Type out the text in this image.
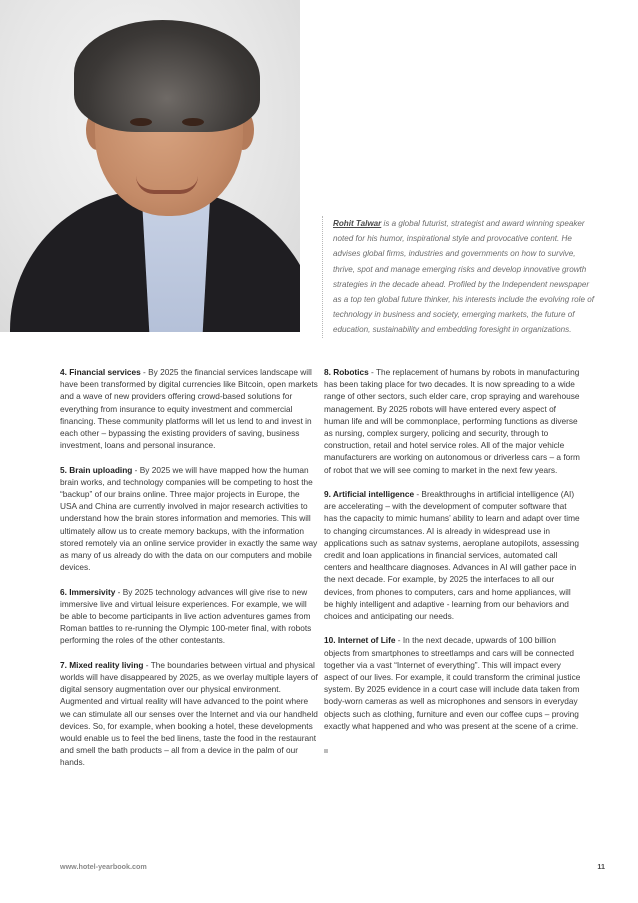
Rohit Talwar is a global futurist, strategist and award winning speaker noted for his humor, inspirational style and provocative content. He advises global firms, industries and governments on how to survive, thrive, spot and manage emerging risks and develop innovative growth strategies in the decade ahead. Profiled by the Independent newspaper as a top ten global future thinker, his interests include the evolving role of technology in business and society, emerging markets, the future of education, sustainability and embedding foresight in organizations.

4. Financial services - By 2025 the financial services landscape will have been transformed by digital currencies like Bitcoin, open markets and a wave of new providers offering crowd-based solutions for everything from insurance to equity investment and commercial financing. These community platforms will let us lend to and invest in each other – bypassing the existing providers of saving, business investment, loans and personal insurance.

5. Brain uploading - By 2025 we will have mapped how the human brain works, and technology companies will be competing to host the “backup” of our brains online. Three major projects in Europe, the USA and China are currently involved in major research activities to understand how the brain stores information and memories. This will ultimately allow us to create memory backups, with the information stored remotely via an online service provider in exactly the same way as many of us already do with the data on our computers and mobile devices.

6. Immersivity - By 2025 technology advances will give rise to new immersive live and virtual leisure experiences. For example, we will be able to become participants in live action adventures games from Roman battles to re-running the Olympic 100-meter final, with robots performing the roles of the other contestants.

7. Mixed reality living - The boundaries between virtual and physical worlds will have disappeared by 2025, as we overlay multiple layers of digital sensory augmentation over our physical environment. Augmented and virtual reality will have advanced to the point where we can stimulate all our senses over the Internet and via our handheld devices. So, for example, when booking a hotel, these developments would enable us to feel the bed linens, taste the food in the restaurant and smell the bath products – all from a device in the palm of our hands.

8. Robotics - The replacement of humans by robots in manufacturing has been taking place for two decades. It is now spreading to a wide range of other sectors, such elder care, crop spraying and warehouse management. By 2025 robots will have entered every aspect of human life and will be commonplace, performing functions as diverse as nursing, complex surgery, policing and security, through to construction, retail and hotel service roles. All of the major vehicle manufacturers are working on autonomous or driverless cars – a form of robot that we will see coming to market in the next few years.

9. Artificial intelligence - Breakthroughs in artificial intelligence (AI) are accelerating – with the development of computer software that has the capacity to mimic humans’ ability to learn and adapt over time to changing circumstances. AI is already in widespread use in applications such as satnav systems, aeroplane autopilots, assessing credit and loan applications in financial services, automated call centers and healthcare diagnoses. Advances in AI will gather pace in the next decade. For example, by 2025 the interfaces to all our devices, from phones to computers, cars and home appliances, will be highly intelligent and adaptive - learning from our behaviors and choices and anticipating our needs.

10. Internet of Life - In the next decade, upwards of 100 billion objects from smartphones to streetlamps and cars will be connected together via a vast “Internet of everything”. This will impact every aspect of our lives. For example, it could transform the criminal justice system. By 2025 evidence in a court case will include data taken from body-worn cameras as well as microphones and sensors in everyday objects such as clothing, furniture and even our coffee cups – proving exactly what happened and who was present at the scene of a crime.

www.hotel-yearbook.com	11
